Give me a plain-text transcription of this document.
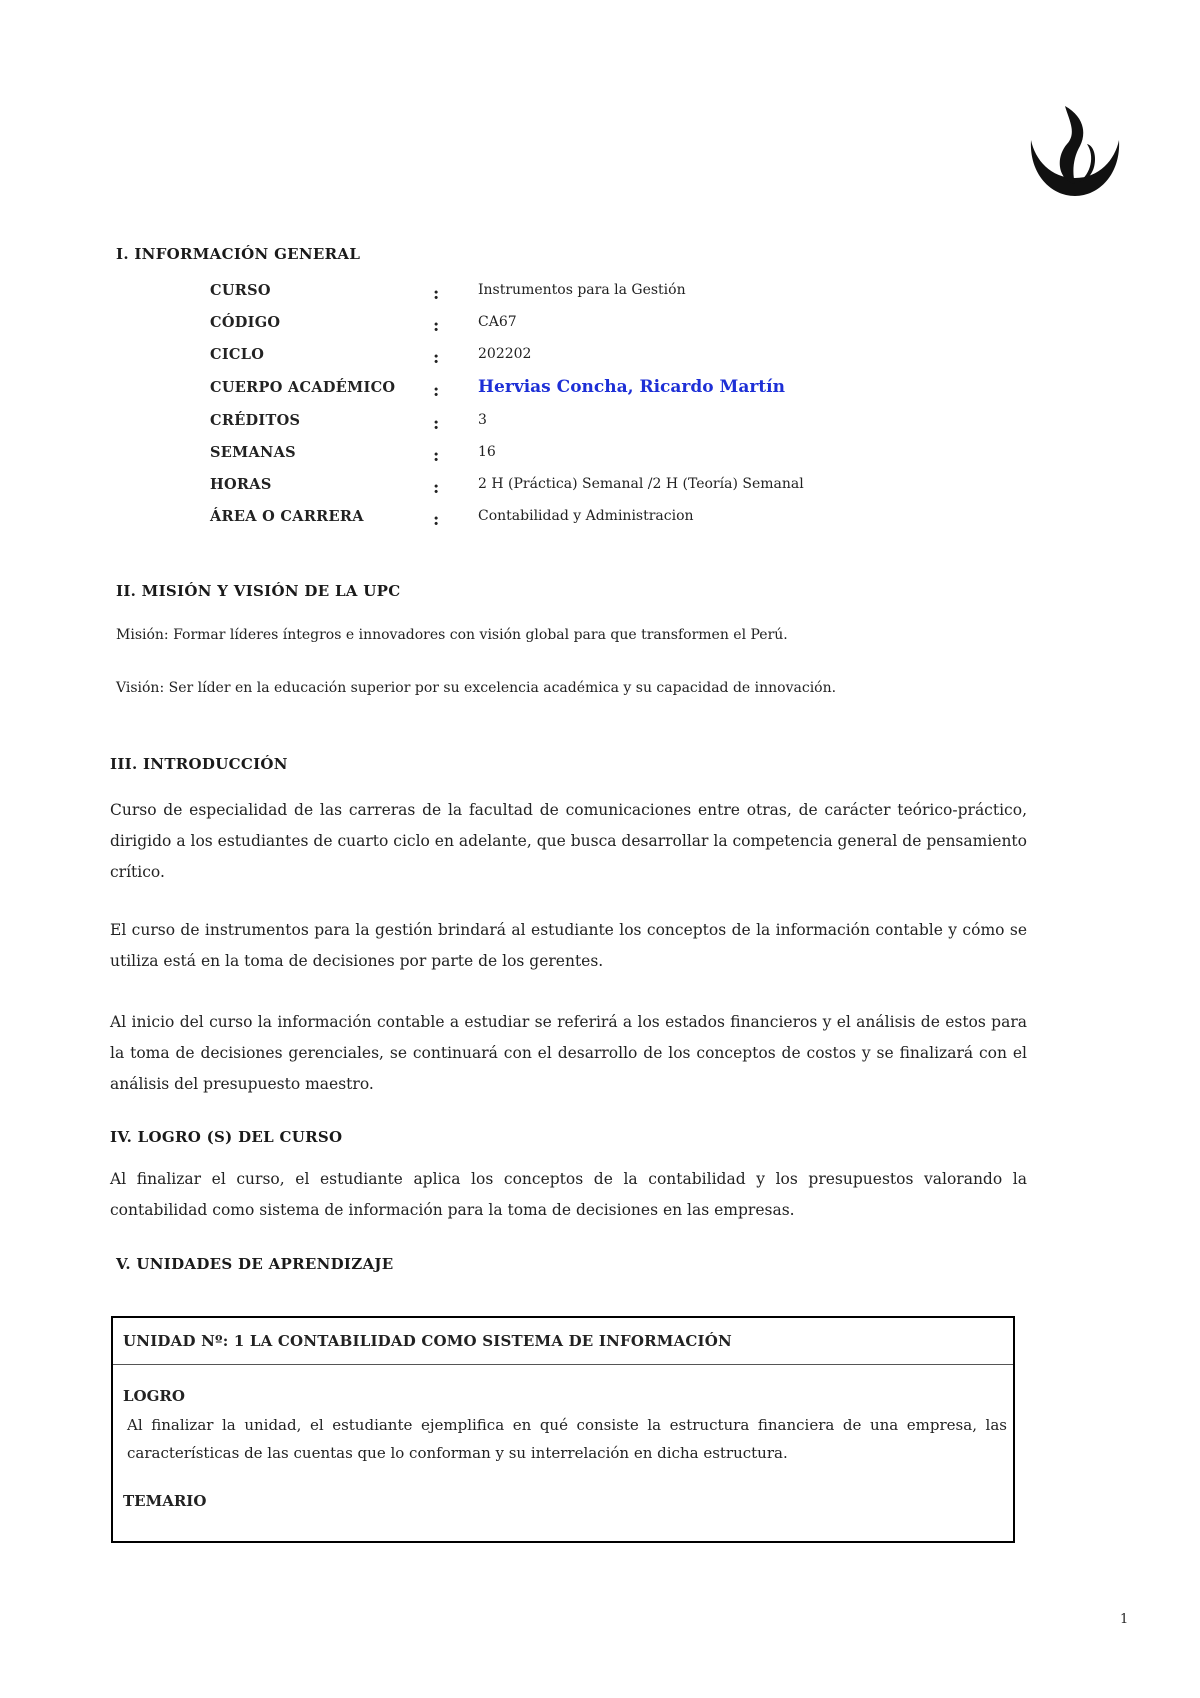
I. INFORMACIÓN GENERAL
CURSO	:	Instrumentos para la Gestión
CÓDIGO	:	CA67
CICLO	:	202202
CUERPO ACADÉMICO : Hervias Concha, Ricardo Martín
CRÉDITOS	:	3
SEMANAS	:	16
HORAS	:	2 H (Práctica) Semanal /2 H (Teoría) Semanal
ÁREA O CARRERA	:	Contabilidad y Administracion
II. MISIÓN Y VISIÓN DE LA UPC
Misión: Formar líderes íntegros e innovadores con visión global para que transformen el Perú.
Visión: Ser líder en la educación superior por su excelencia académica y su capacidad de innovación.
III. INTRODUCCIÓN

Curso de especialidad de las carreras de la facultad de comunicaciones entre otras, de carácter teórico-práctico, dirigido a los estudiantes de cuarto ciclo en adelante, que busca desarrollar la competencia general de pensamiento crítico.

El curso de instrumentos para la gestión brindará al estudiante los conceptos de la información contable y cómo se utiliza está en la toma de decisiones por parte de los gerentes.

Al inicio del curso la información contable a estudiar se referirá a los estados financieros y el análisis de estos para la toma de decisiones gerenciales, se continuará con el desarrollo de los conceptos de costos y se finalizará con el análisis del presupuesto maestro.

IV. LOGRO (S) DEL CURSO

Al finalizar el curso, el estudiante aplica los conceptos de la contabilidad y los presupuestos valorando la contabilidad como sistema de información para la toma de decisiones en las empresas.

V. UNIDADES DE APRENDIZAJE
UNIDAD Nº: 1 LA CONTABILIDAD COMO SISTEMA DE INFORMACIÓN
LOGRO
Al finalizar la unidad, el estudiante ejemplifica en qué consiste la estructura financiera de una empresa, las características de las cuentas que lo conforman y su interrelación en dicha estructura.
TEMARIO
1
